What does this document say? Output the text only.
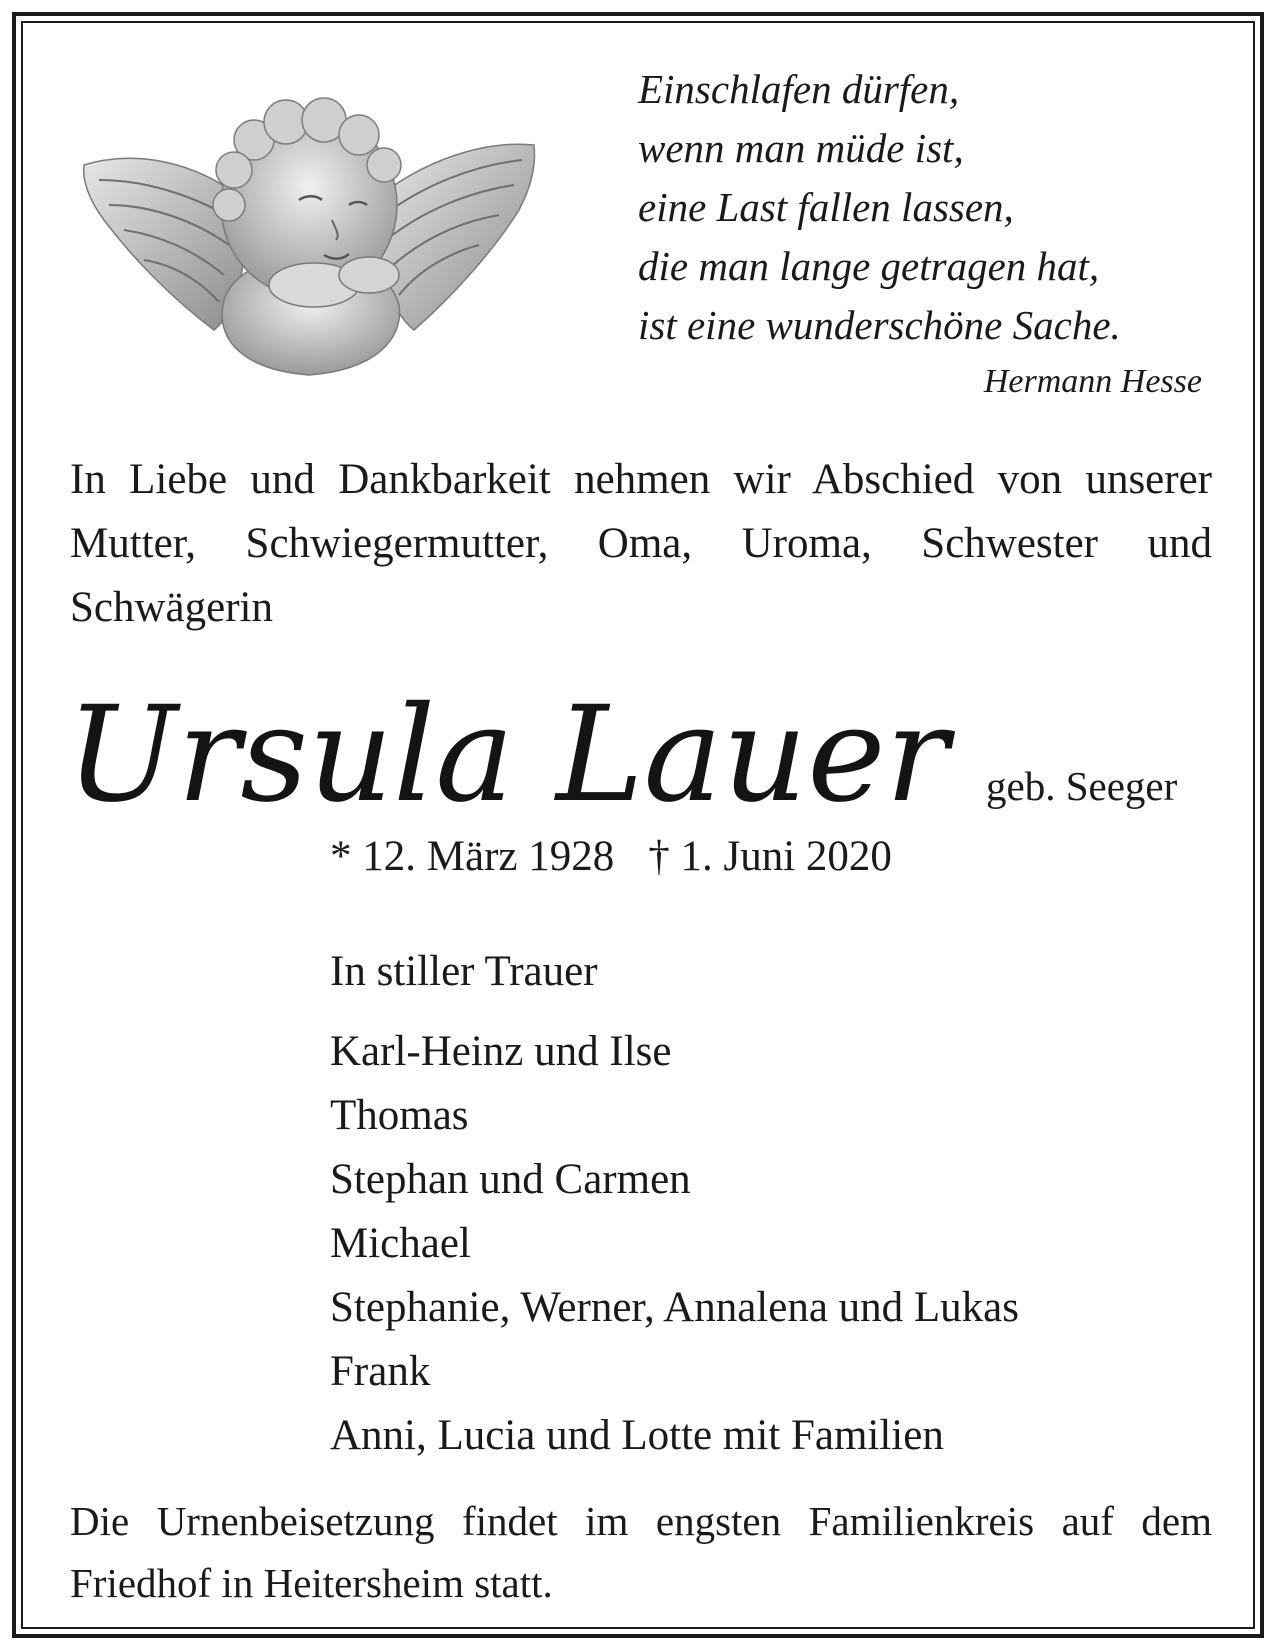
Einschlafen dürfen,
wenn man müde ist,
eine Last fallen lassen,
die man lange getragen hat,
ist eine wunderschöne Sache.
Hermann Hesse
In Liebe und Dankbarkeit nehmen wir Abschied von unserer Mutter, Schwiegermutter, Oma, Uroma, Schwester und Schwägerin
Ursula Lauer geb. Seeger
* 12. März 1928 † 1. Juni 2020
In stiller Trauer
Karl-Heinz und Ilse
Thomas
Stephan und Carmen
Michael
Stephanie, Werner, Annalena und Lukas
Frank
Anni, Lucia und Lotte mit Familien
Die Urnenbeisetzung findet im engsten Familienkreis auf dem Friedhof in Heitersheim statt.
